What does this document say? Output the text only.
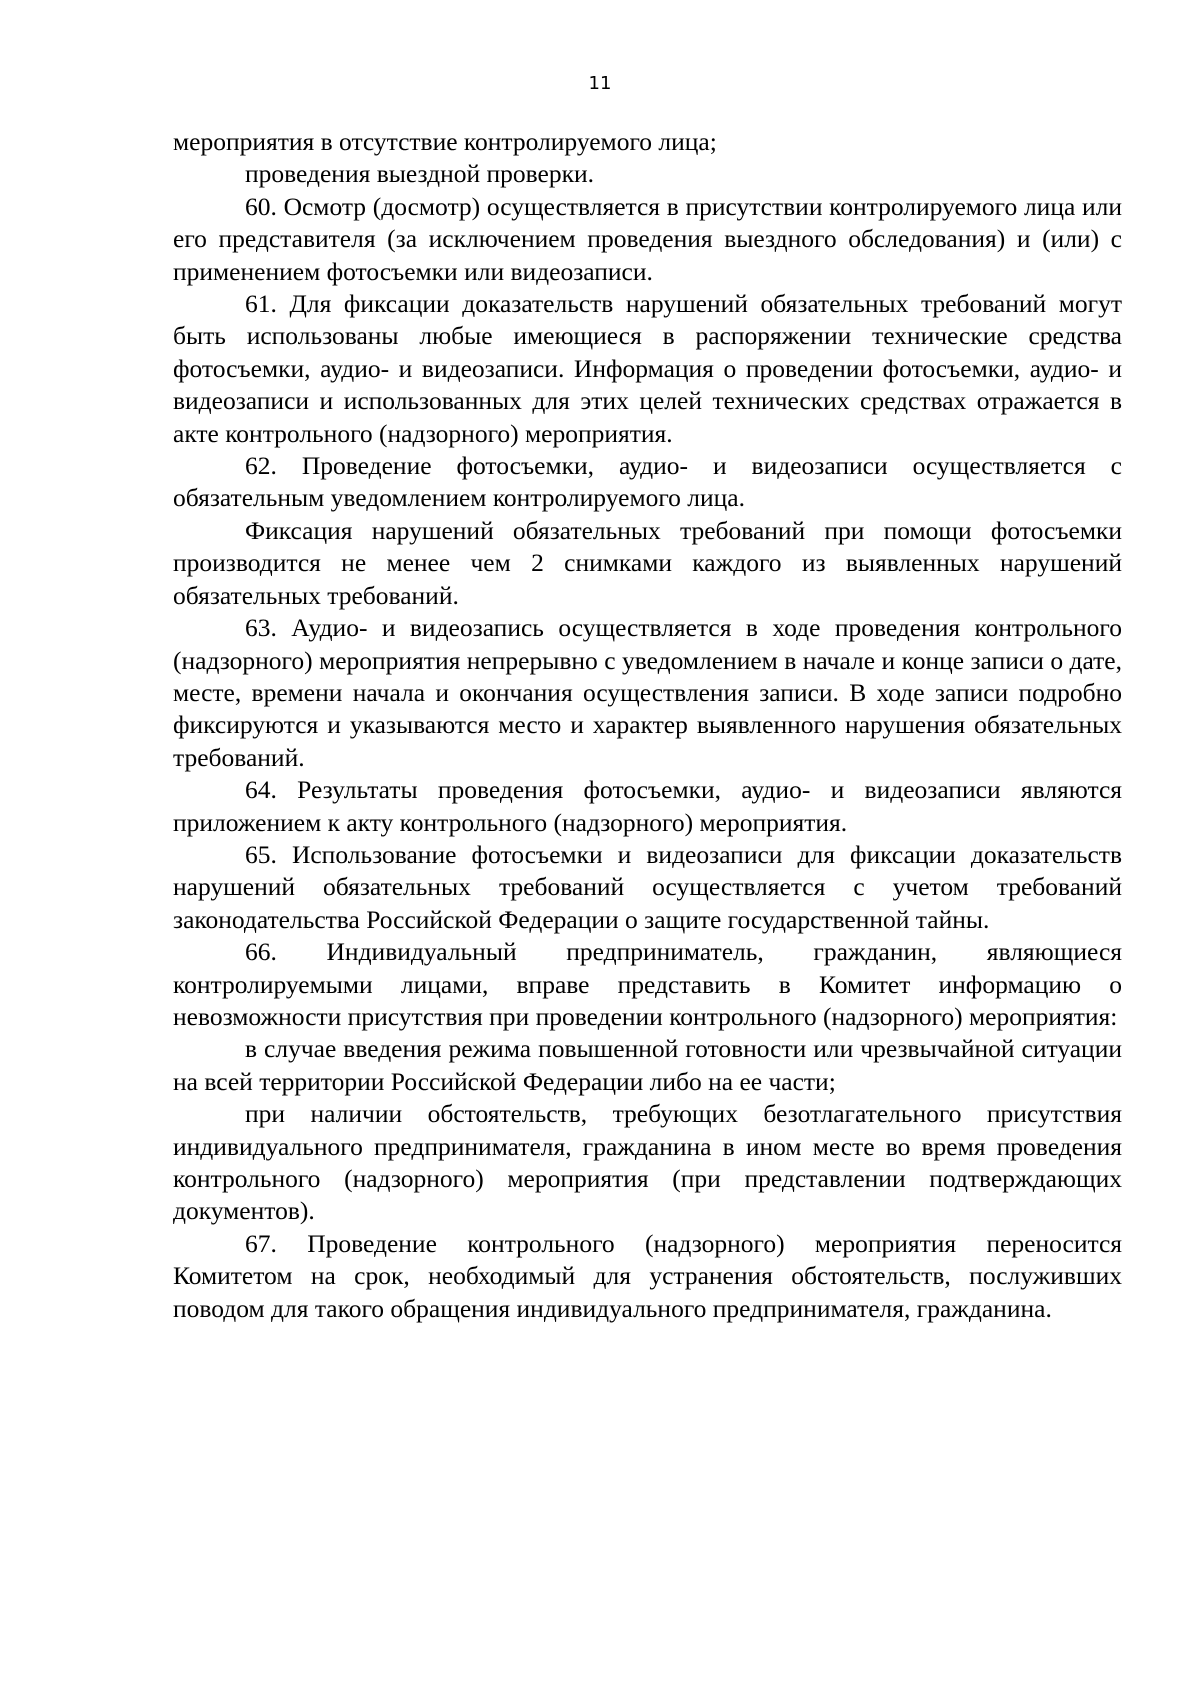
11

мероприятия в отсутствие контролируемого лица;

проведения выездной проверки.

60. Осмотр (досмотр) осуществляется в присутствии контролируемого лица или его представителя (за исключением проведения выездного обследования) и (или) с применением фотосъемки или видеозаписи.

61. Для фиксации доказательств нарушений обязательных требований могут быть использованы любые имеющиеся в распоряжении технические средства фотосъемки, аудио- и видеозаписи. Информация о проведении фотосъемки, аудио- и видеозаписи и использованных для этих целей технических средствах отражается в акте контрольного (надзорного) мероприятия.

62. Проведение фотосъемки, аудио- и видеозаписи осуществляется с обязательным уведомлением контролируемого лица.

Фиксация нарушений обязательных требований при помощи фотосъемки производится не менее чем 2 снимками каждого из выявленных нарушений обязательных требований.

63. Аудио- и видеозапись осуществляется в ходе проведения контрольного (надзорного) мероприятия непрерывно с уведомлением в начале и конце записи о дате, месте, времени начала и окончания осуществления записи. В ходе записи подробно фиксируются и указываются место и характер выявленного нарушения обязательных требований.

64. Результаты проведения фотосъемки, аудио- и видеозаписи являются приложением к акту контрольного (надзорного) мероприятия.

65. Использование фотосъемки и видеозаписи для фиксации доказательств нарушений обязательных требований осуществляется с учетом требований законодательства Российской Федерации о защите государственной тайны.

66. Индивидуальный предприниматель, гражданин, являющиеся контролируемыми лицами, вправе представить в Комитет информацию о невозможности присутствия при проведении контрольного (надзорного) мероприятия:

в случае введения режима повышенной готовности или чрезвычайной ситуации на всей территории Российской Федерации либо на ее части;

при наличии обстоятельств, требующих безотлагательного присутствия индивидуального предпринимателя, гражданина в ином месте во время проведения контрольного (надзорного) мероприятия (при представлении подтверждающих документов).

67. Проведение контрольного (надзорного) мероприятия переносится Комитетом на срок, необходимый для устранения обстоятельств, послуживших поводом для такого обращения индивидуального предпринимателя, гражданина.
